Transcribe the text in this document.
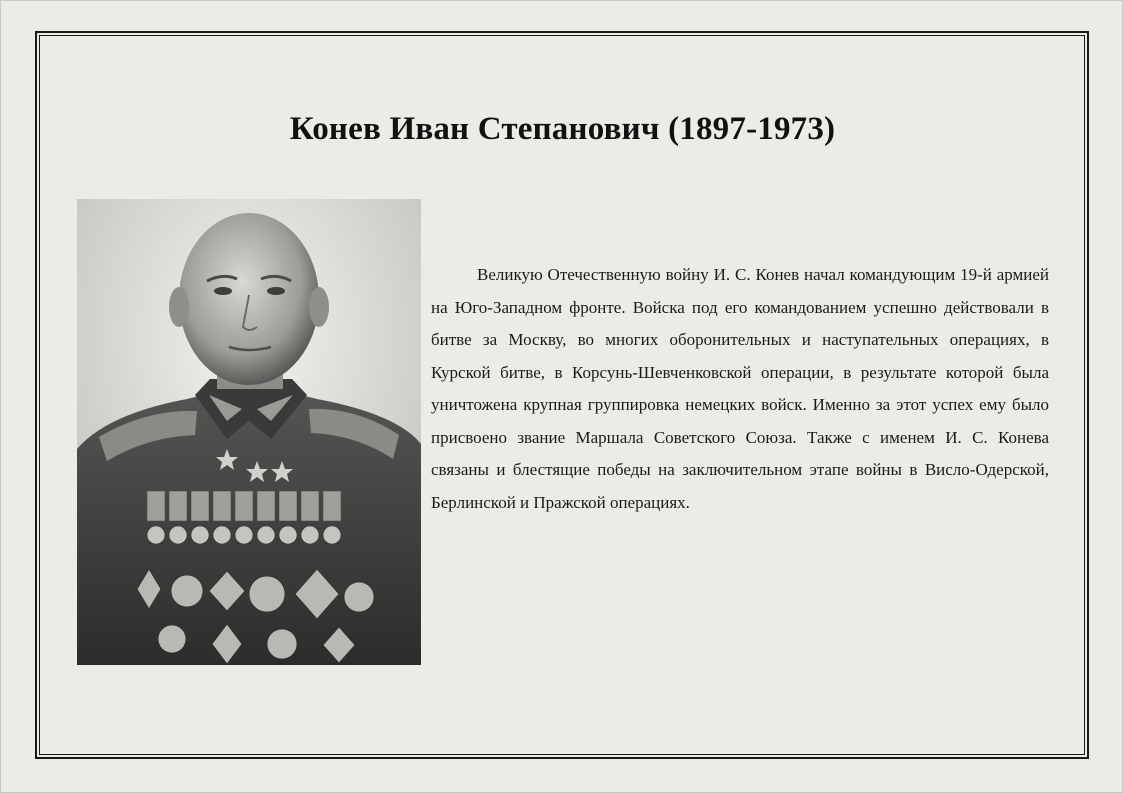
Конев Иван Степанович (1897-1973)

Великую Отечественную войну И. С. Конев начал командующим 19-й армией на Юго-Западном фронте. Войска под его командованием успешно действовали в битве за Москву, во многих оборонительных и наступательных операциях, в Курской битве, в Корсунь-Шевченковской операции, в результате которой была уничтожена крупная группировка немецких войск. Именно за этот успех ему было присвоено звание Маршала Советского Союза. Также с именем И. С. Конева связаны и блестящие победы на заключительном этапе войны в Висло-Одерской, Берлинской и Пражской операциях.
